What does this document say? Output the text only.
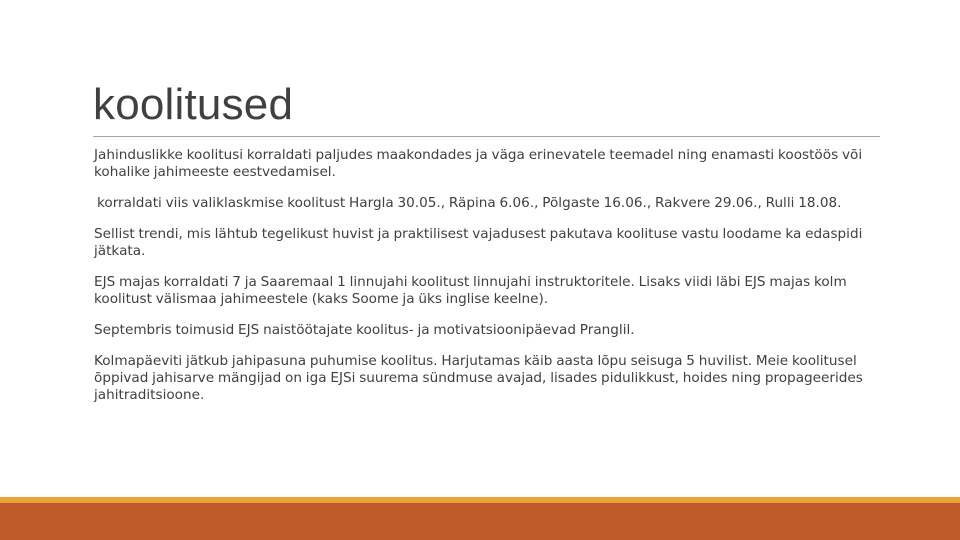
koolitused

Jahinduslikke koolitusi korraldati paljudes maakondades ja väga erinevatele teemadel ning enamasti koostöös või kohalike jahimeeste eestvedamisel.

korraldati viis valiklaskmise koolitust Hargla 30.05., Räpina 6.06., Põlgaste 16.06., Rakvere 29.06., Rulli 18.08.

Sellist trendi, mis lähtub tegelikust huvist ja praktilisest vajadusest pakutava koolituse vastu loodame ka edaspidi jätkata.

EJS majas korraldati 7 ja Saaremaal 1 linnujahi koolitust linnujahi instruktoritele. Lisaks viidi läbi EJS majas kolm koolitust välismaa jahimeestele (kaks Soome ja üks inglise keelne).

Septembris toimusid EJS naistöötajate koolitus- ja motivatsioonipäevad Pranglil.

Kolmapäeviti jätkub jahipasuna puhumise koolitus. Harjutamas käib aasta lõpu seisuga 5 huvilist. Meie koolitusel õppivad jahisarve mängijad on iga EJSi suurema sündmuse avajad, lisades pidulikkust, hoides ning propageerides jahitraditsioone.
